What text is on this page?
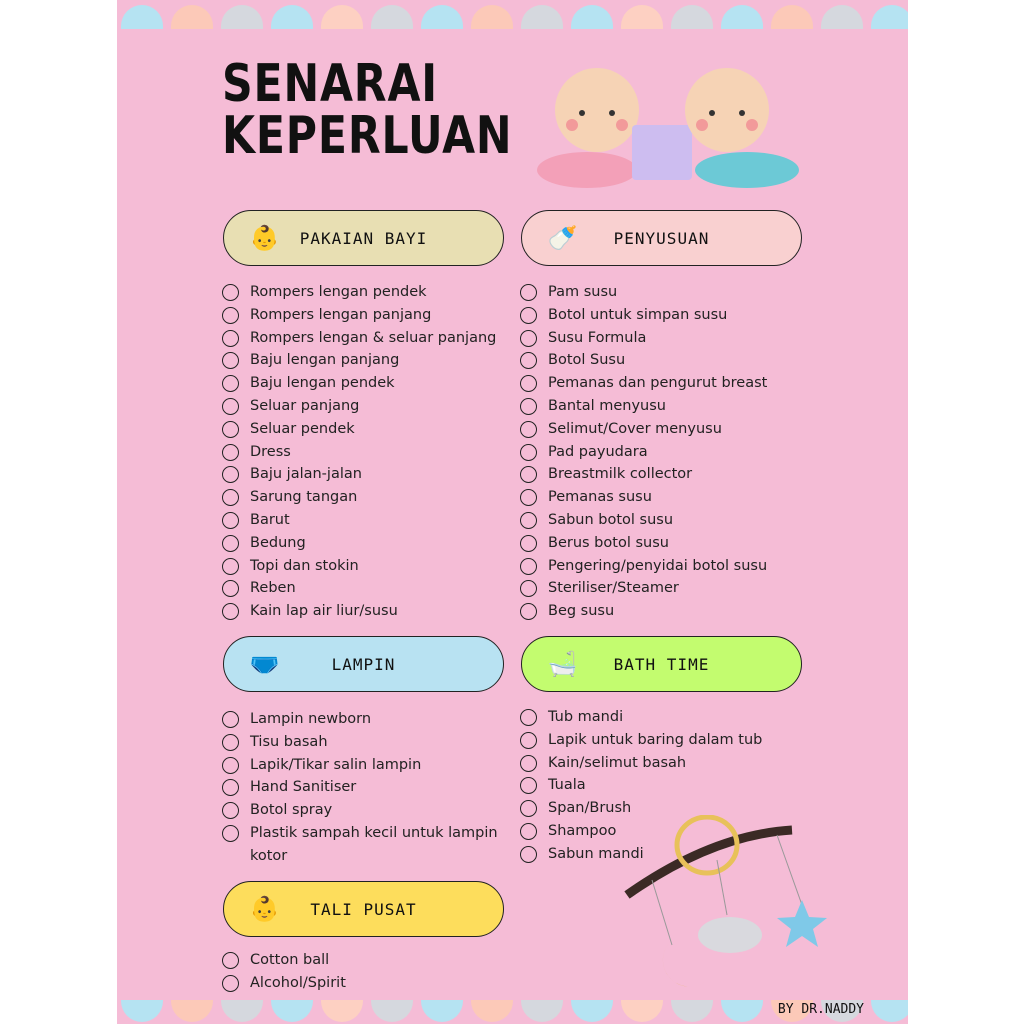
SENARAI
KEPERLUAN
👶 PAKAIAN BAYI	🍼 PENYUSUAN
🩲	LAMPIN	🛁 BATH TIME
👶 TALI PUSAT
Rompers lengan pendek
Rompers lengan panjang
Rompers lengan & seluar panjang
Baju lengan panjang
Baju lengan pendek
Seluar panjang
Seluar pendek
Dress
Baju jalan-jalan
Sarung tangan
Barut
Bedung
Topi dan stokin
Reben
Kain lap air liur/susu
Pam susu
Botol untuk simpan susu
Susu Formula
Botol Susu
Pemanas dan pengurut breast
Bantal menyusu
Selimut/Cover menyusu
Pad payudara
Breastmilk collector
Pemanas susu
Sabun botol susu
Berus botol susu
Pengering/penyidai botol susu
Steriliser/Steamer
Beg susu
Lampin newborn
Tisu basah
Lapik/Tikar salin lampin
Hand Sanitiser
Botol spray
Plastik sampah kecil untuk lampin
kotor
Tub mandi
Lapik untuk baring dalam tub
Kain/selimut basah
Tuala
Span/Brush
Shampoo
Sabun mandi
Cotton ball
Alcohol/Spirit
BY DR.NADDY
